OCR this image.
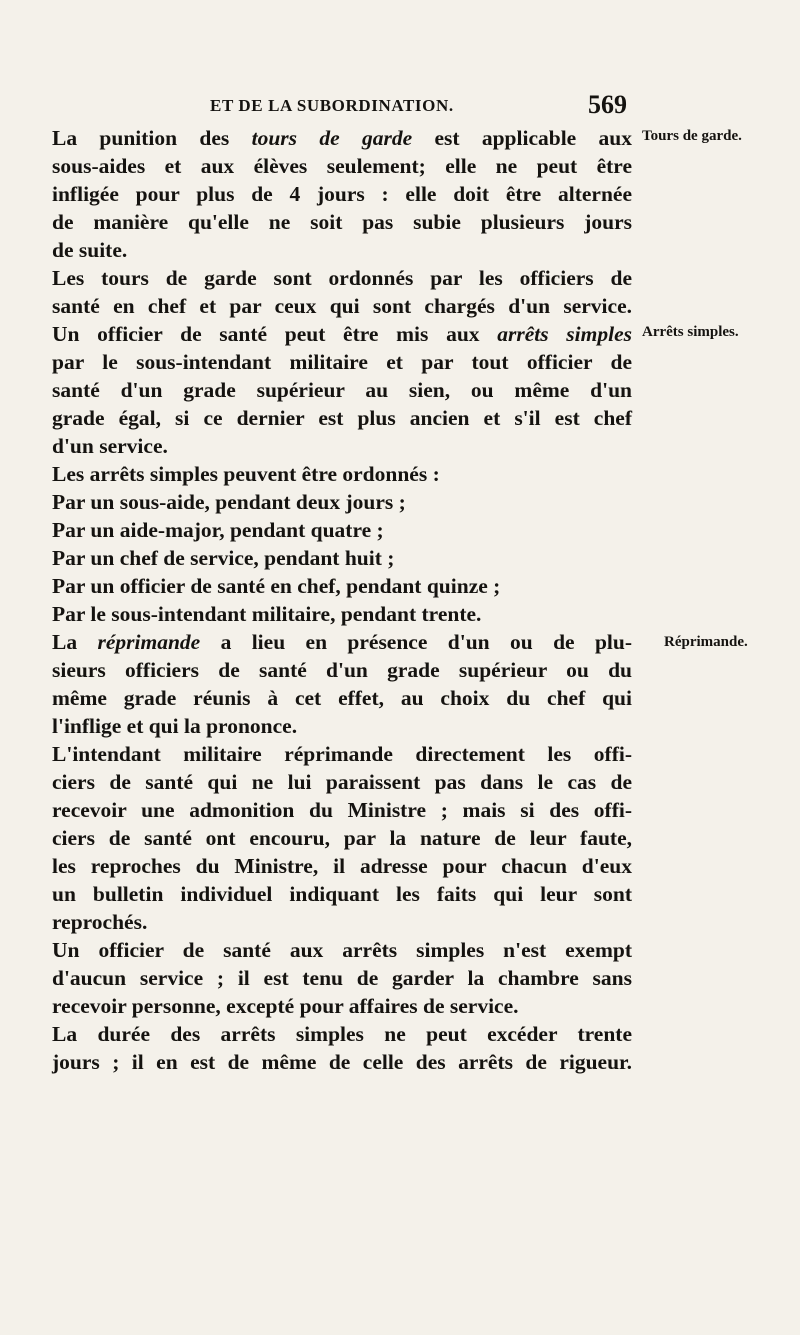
ET DE LA SUBORDINATION.	569
La punition des tours de garde est applicable aux
sous-aides et aux élèves seulement; elle ne peut être
infligée pour plus de 4 jours : elle doit être alternée
de manière qu'elle ne soit pas subie plusieurs jours
de suite.
Les tours de garde sont ordonnés par les officiers de
santé en chef et par ceux qui sont chargés d'un service.
Un officier de santé peut être mis aux arrêts simples
par le sous-intendant militaire et par tout officier de
santé d'un grade supérieur au sien, ou même d'un
grade égal, si ce dernier est plus ancien et s'il est chef
d'un service.
Les arrêts simples peuvent être ordonnés :
Par un sous-aide, pendant deux jours ;
Par un aide-major, pendant quatre ;
Par un chef de service, pendant huit ;
Par un officier de santé en chef, pendant quinze ;
Par le sous-intendant militaire, pendant trente.
La réprimande a lieu en présence d'un ou de plu-
sieurs officiers de santé d'un grade supérieur ou du
même grade réunis à cet effet, au choix du chef qui
l'inflige et qui la prononce.
L'intendant militaire réprimande directement les offi-
ciers de santé qui ne lui paraissent pas dans le cas de
recevoir une admonition du Ministre ; mais si des offi-
ciers de santé ont encouru, par la nature de leur faute,
les reproches du Ministre, il adresse pour chacun d'eux
un bulletin individuel indiquant les faits qui leur sont
reprochés.
Un officier de santé aux arrêts simples n'est exempt
d'aucun service ; il est tenu de garder la chambre sans
recevoir personne, excepté pour affaires de service.
La durée des arrêts simples ne peut excéder trente
jours ; il en est de même de celle des arrêts de rigueur.
Tours de garde.
Arrêts simples.
Réprimande.
